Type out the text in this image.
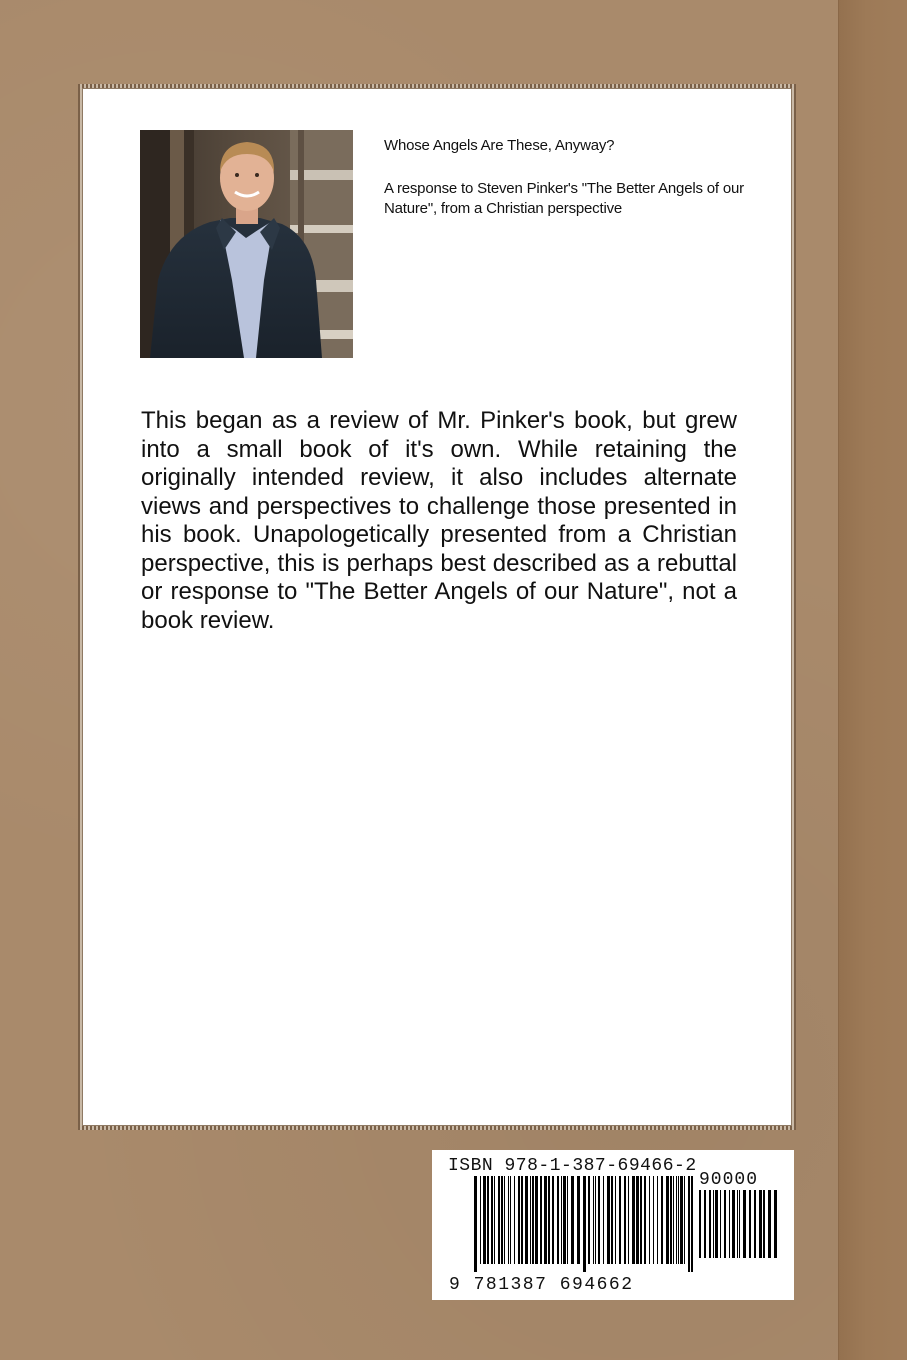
Whose Angels Are These, Anyway?
A response to Steven Pinker's "The Better Angels of our Nature", from a Christian perspective
This began as a review of Mr. Pinker's book, but grew into a small book of it's own. While retaining the originally intended review, it also includes alternate views and perspectives to challenge those presented in his book. Unapologetically presented from a Christian perspective, this is perhaps best described as a rebuttal or response to "The Better Angels of our Nature", not a book review.
ISBN 978-1-387-69466-2
90000
9 781387 694662
